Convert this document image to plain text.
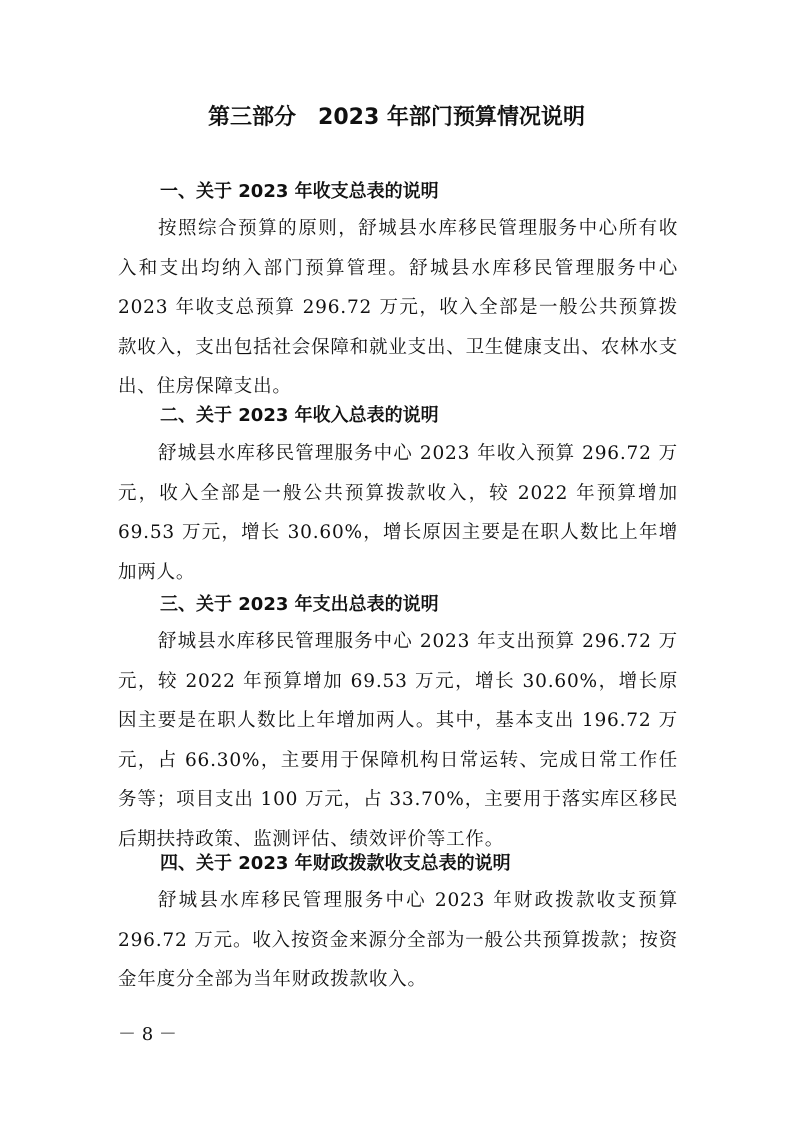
第三部分　2023 年部门预算情况说明
一、关于 2023 年收支总表的说明
按照综合预算的原则，舒城县水库移民管理服务中心所有收入和支出均纳入部门预算管理。舒城县水库移民管理服务中心 2023 年收支总预算 296.72 万元，收入全部是一般公共预算拨款收入，支出包括社会保障和就业支出、卫生健康支出、农林水支出、住房保障支出。
二、关于 2023 年收入总表的说明
舒城县水库移民管理服务中心 2023 年收入预算 296.72 万元，收入全部是一般公共预算拨款收入，较 2022 年预算增加 69.53 万元，增长 30.60%，增长原因主要是在职人数比上年增加两人。
三、关于 2023 年支出总表的说明
舒城县水库移民管理服务中心 2023 年支出预算 296.72 万元，较 2022 年预算增加 69.53 万元，增长 30.60%，增长原因主要是在职人数比上年增加两人。其中，基本支出 196.72 万元，占 66.30%，主要用于保障机构日常运转、完成日常工作任务等；项目支出 100 万元，占 33.70%，主要用于落实库区移民后期扶持政策、监测评估、绩效评价等工作。
四、关于 2023 年财政拨款收支总表的说明
舒城县水库移民管理服务中心 2023 年财政拨款收支预算 296.72 万元。收入按资金来源分全部为一般公共预算拨款；按资金年度分全部为当年财政拨款收入。
－ 8 －
